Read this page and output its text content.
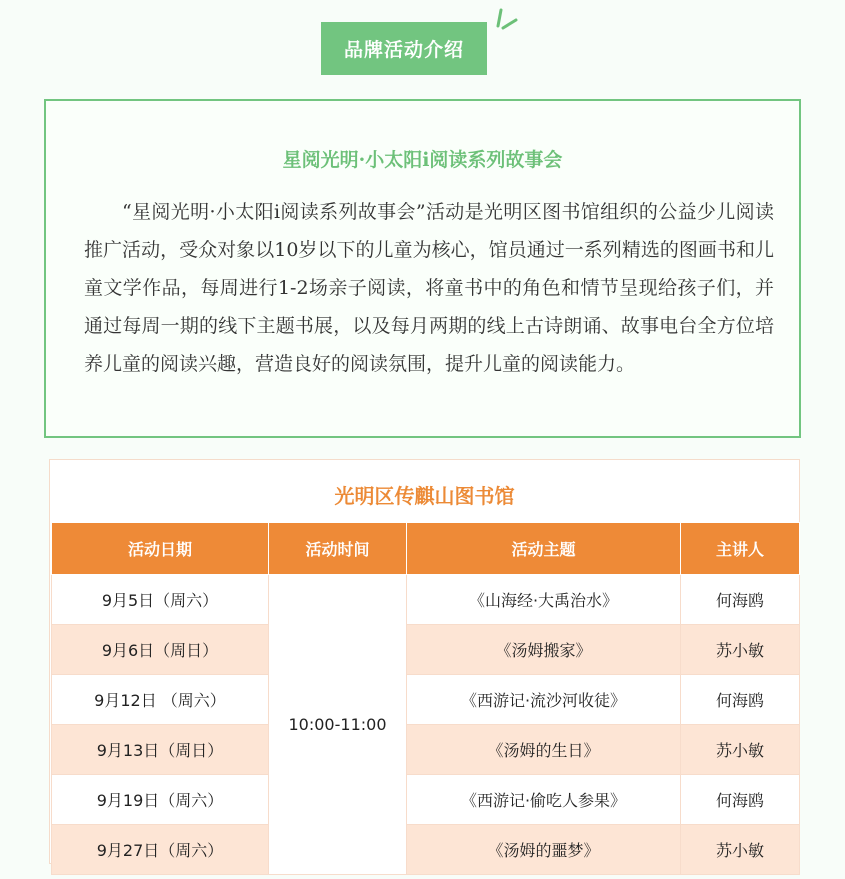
品牌活动介绍
星阅光明·小太阳i阅读系列故事会
“星阅光明·小太阳i阅读系列故事会”活动是光明区图书馆组织的公益少儿阅读推广活动，受众对象以10岁以下的儿童为核心，馆员通过一系列精选的图画书和儿童文学作品，每周进行1-2场亲子阅读，将童书中的角色和情节呈现给孩子们，并通过每周一期的线下主题书展，以及每月两期的线上古诗朗诵、故事电台全方位培养儿童的阅读兴趣，营造良好的阅读氛围，提升儿童的阅读能力。
光明区传麒山图书馆
活动日期	活动时间	活动主题	主讲人
9月5日（周六）	10:00-11:00	《山海经·大禹治水》	何海鸥
9月6日（周日）		《汤姆搬家》	苏小敏
9月12日 （周六）		《西游记·流沙河收徒》	何海鸥
9月13日（周日）		《汤姆的生日》	苏小敏
9月19日（周六）		《西游记·偷吃人参果》	何海鸥
9月27日（周六）		《汤姆的噩梦》	苏小敏
